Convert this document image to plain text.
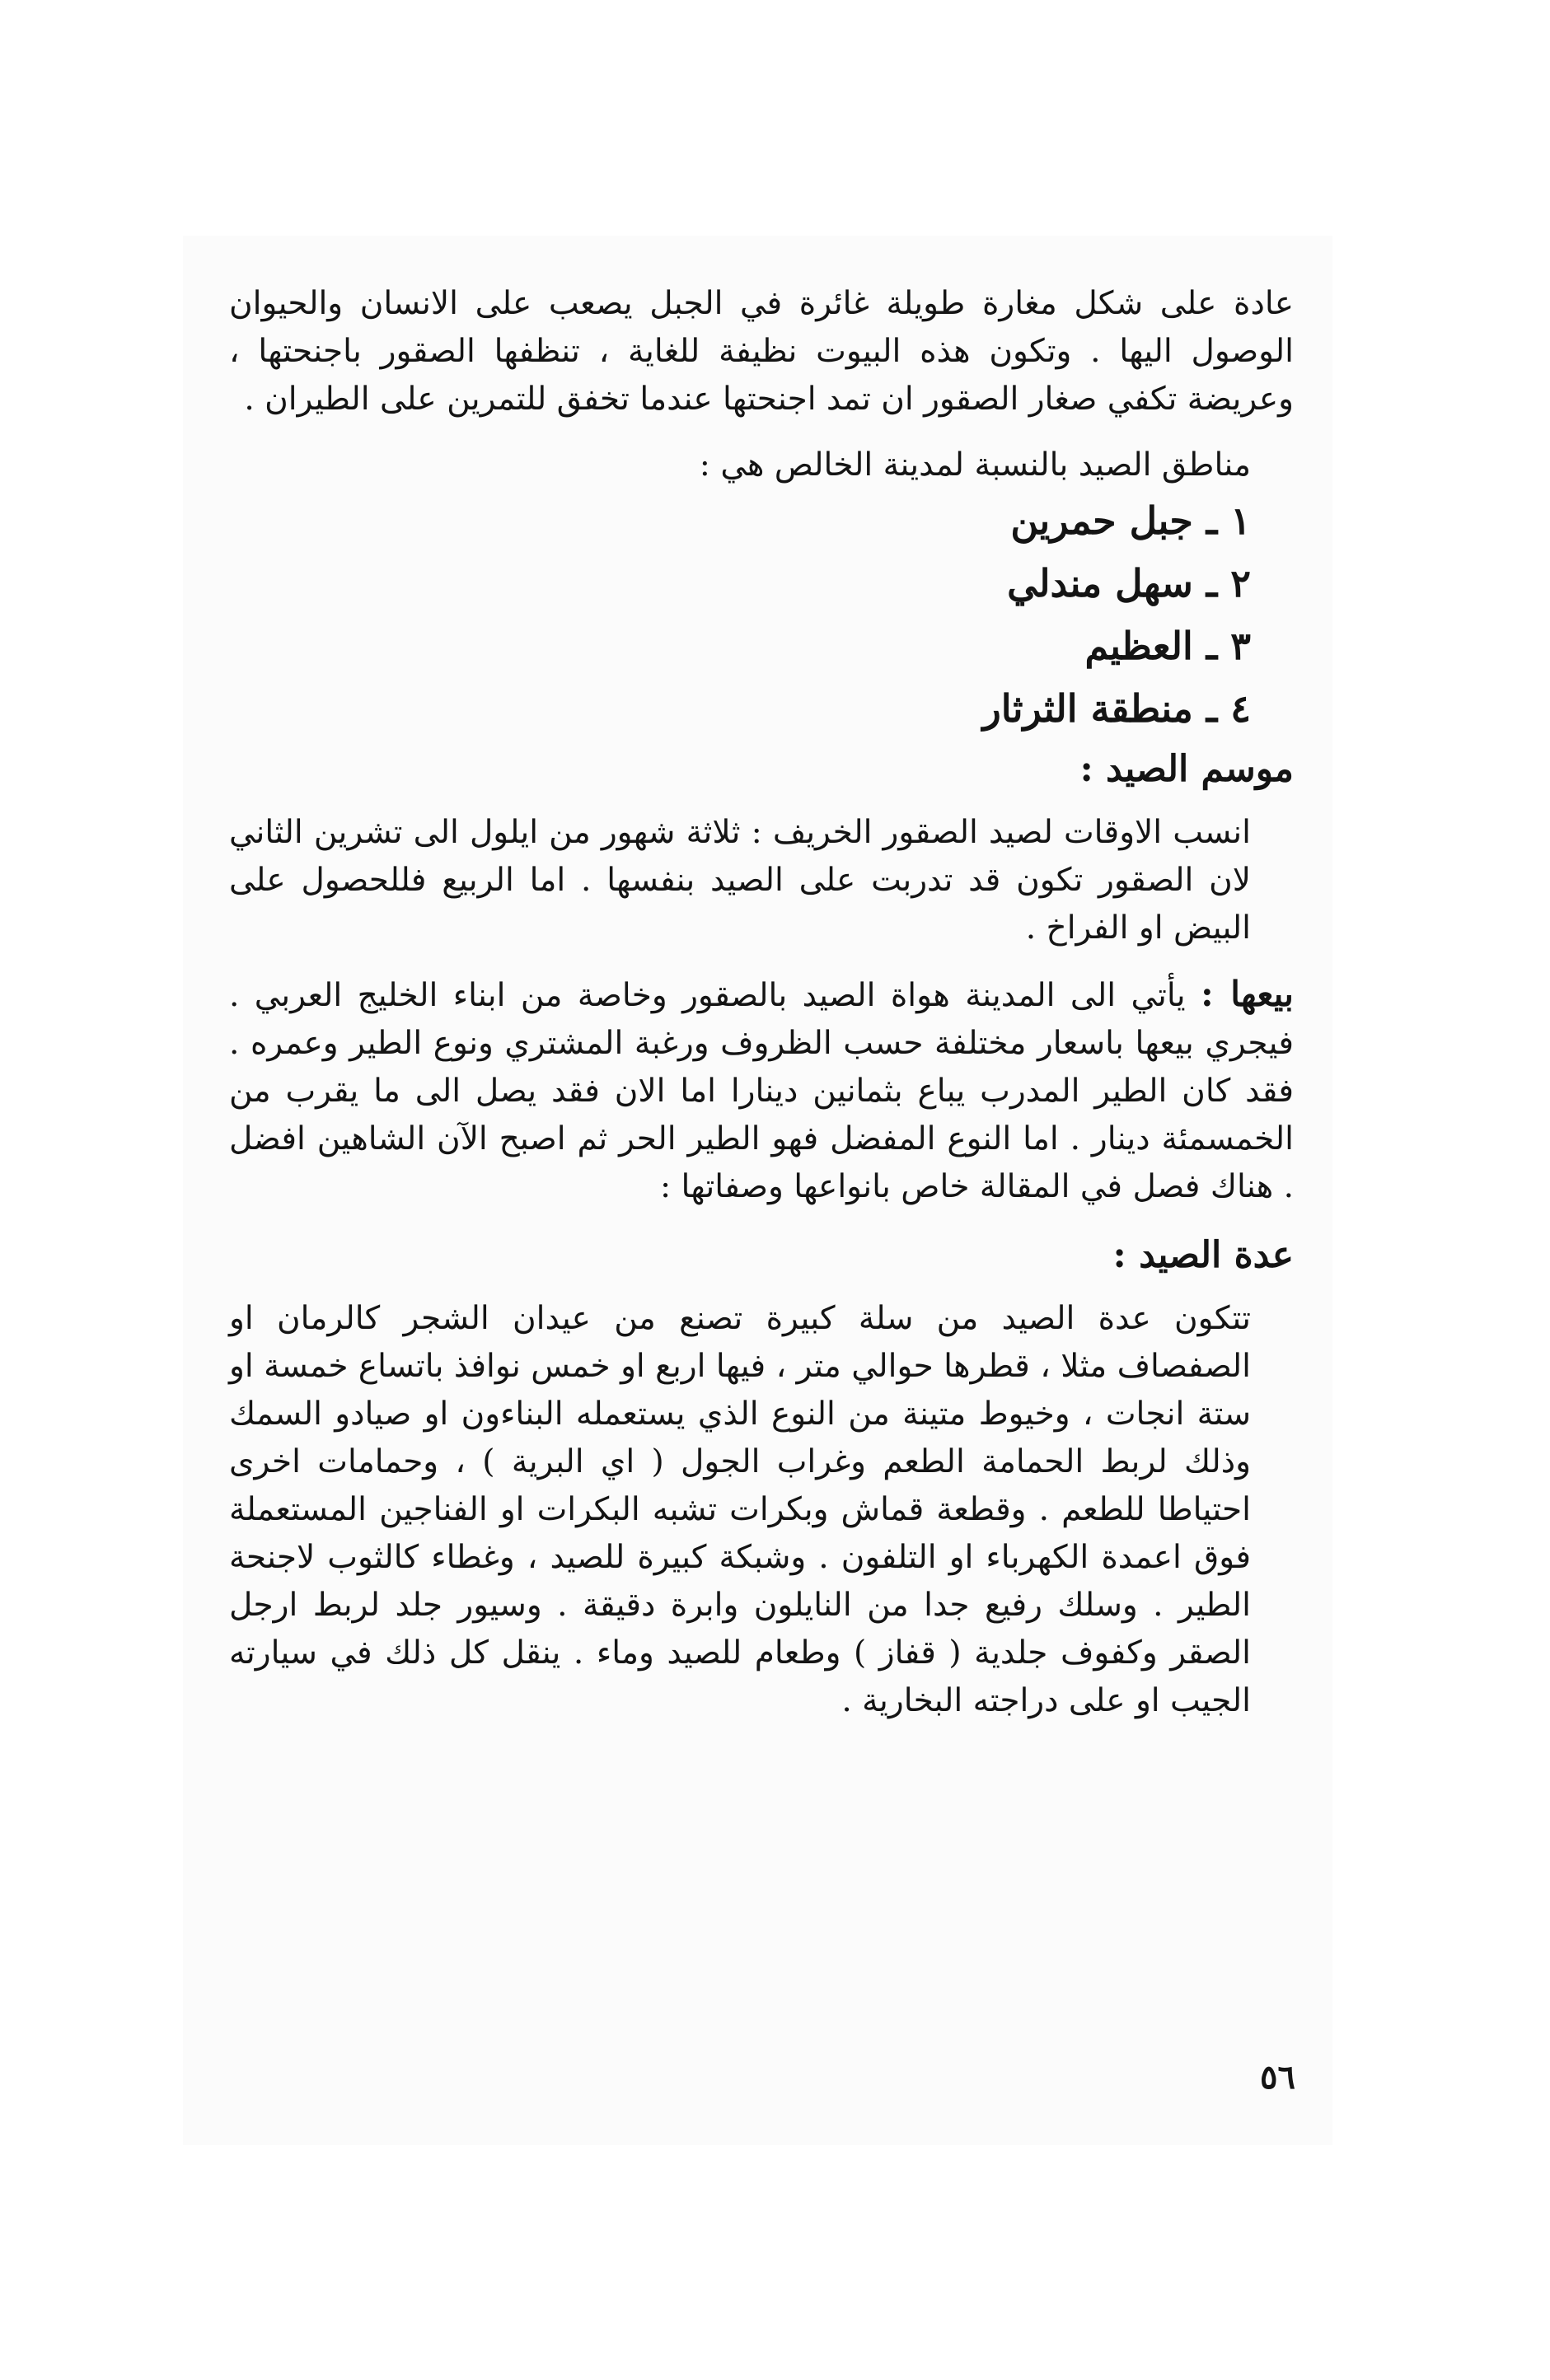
عادة على شكل مغارة طويلة غائرة في الجبل يصعب على الانسان والحيوان الوصول اليها . وتكون هذه البيوت نظيفة للغاية ، تنظفها الصقور باجنحتها ، وعريضة تكفي صغار الصقور ان تمد اجنحتها عندما تخفق للتمرين على الطيران .

مناطق الصيد بالنسبة لمدينة الخالص هي :

١ ـ جبل حمرين
٢ ـ سهل مندلي
٣ ـ العظيم
٤ ـ منطقة الثرثار
موسم الصيد :

انسب الاوقات لصيد الصقور الخريف : ثلاثة شهور من ايلول الى تشرين الثاني لان الصقور تكون قد تدربت على الصيد بنفسها . اما الربيع فللحصول على البيض او الفراخ .

بيعها : يأتي الى المدينة هواة الصيد بالصقور وخاصة من ابناء الخليج العربي . فيجري بيعها باسعار مختلفة حسب الظروف ورغبة المشتري ونوع الطير وعمره . فقد كان الطير المدرب يباع بثمانين دينارا اما الان فقد يصل الى ما يقرب من الخمسمئة دينار . اما النوع المفضل فهو الطير الحر ثم اصبح الآن الشاهين افضل . هناك فصل في المقالة خاص بانواعها وصفاتها :

عدة الصيد :

تتكون عدة الصيد من سلة كبيرة تصنع من عيدان الشجر كالرمان او الصفصاف مثلا ، قطرها حوالي متر ، فيها اربع او خمس نوافذ باتساع خمسة او ستة انجات ، وخيوط متينة من النوع الذي يستعمله البناءون او صيادو السمك وذلك لربط الحمامة الطعم وغراب الجول ( اي البرية ) ، وحمامات اخرى احتياطا للطعم . وقطعة قماش وبكرات تشبه البكرات او الفناجين المستعملة فوق اعمدة الكهرباء او التلفون . وشبكة كبيرة للصيد ، وغطاء كالثوب لاجنحة الطير . وسلك رفيع جدا من النايلون وابرة دقيقة . وسيور جلد لربط ارجل الصقر وكفوف جلدية ( قفاز ) وطعام للصيد وماء . ينقل كل ذلك في سيارته الجيب او على دراجته البخارية .

٥٦
